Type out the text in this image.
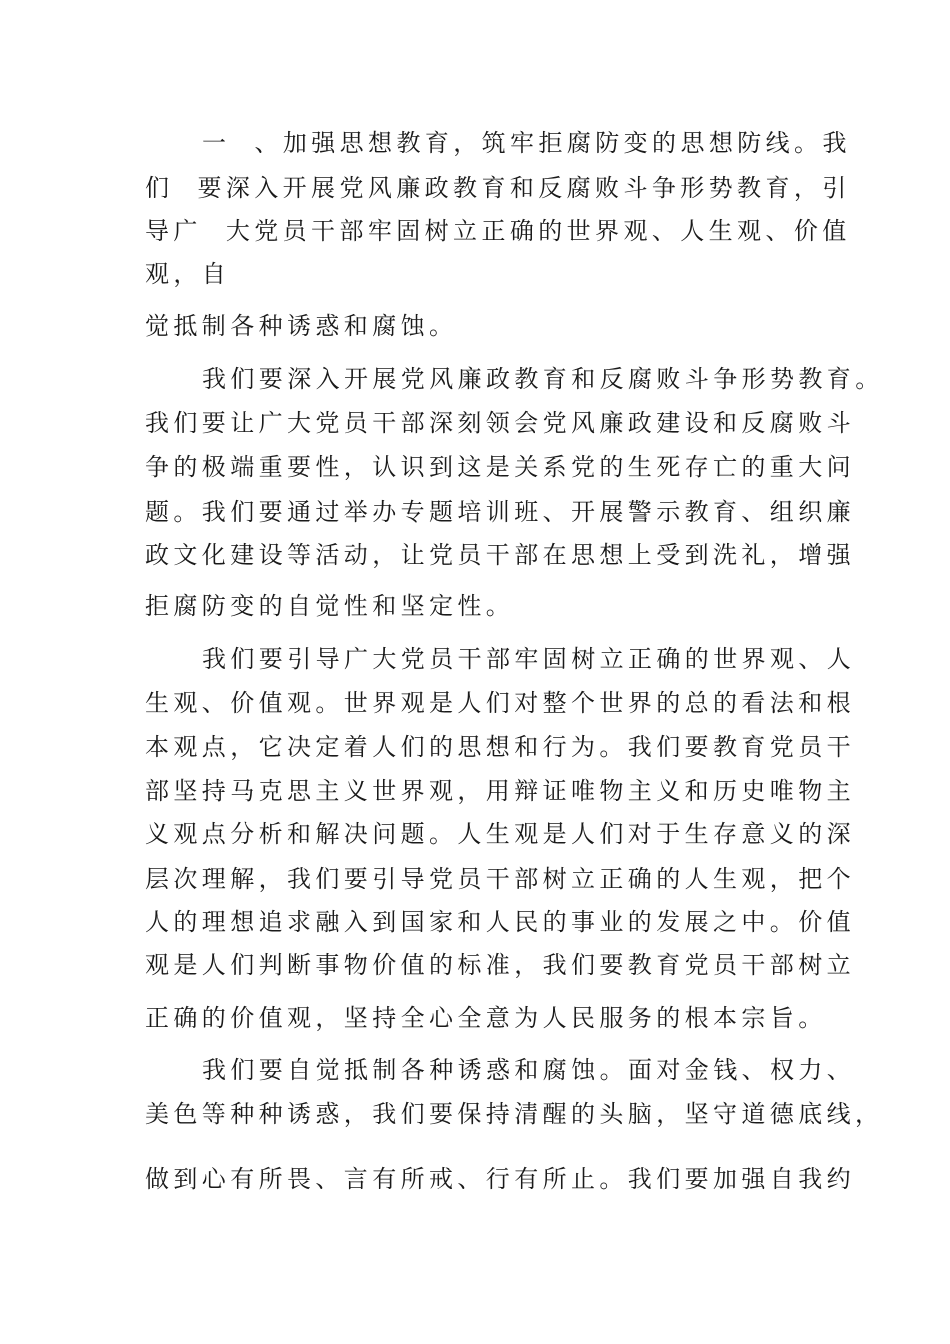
一  、加强思想教育，筑牢拒腐防变的思想防线。我

们  要深入开展党风廉政教育和反腐败斗争形势教育，引

导广  大党员干部牢固树立正确的世界观、人生观、价值

观，自

觉抵制各种诱惑和腐蚀。

我们要深入开展党风廉政教育和反腐败斗争形势教育。

我们要让广大党员干部深刻领会党风廉政建设和反腐败斗

争的极端重要性，认识到这是关系党的生死存亡的重大问

题。我们要通过举办专题培训班、开展警示教育、组织廉

政文化建设等活动，让党员干部在思想上受到洗礼，增强

拒腐防变的自觉性和坚定性。

我们要引导广大党员干部牢固树立正确的世界观、人

生观、价值观。世界观是人们对整个世界的总的看法和根

本观点，它决定着人们的思想和行为。我们要教育党员干

部坚持马克思主义世界观，用辩证唯物主义和历史唯物主

义观点分析和解决问题。人生观是人们对于生存意义的深

层次理解，我们要引导党员干部树立正确的人生观，把个

人的理想追求融入到国家和人民的事业的发展之中。价值

观是人们判断事物价值的标准，我们要教育党员干部树立

正确的价值观，坚持全心全意为人民服务的根本宗旨。

我们要自觉抵制各种诱惑和腐蚀。面对金钱、权力、

美色等种种诱惑，我们要保持清醒的头脑，坚守道德底线，

做到心有所畏、言有所戒、行有所止。我们要加强自我约
